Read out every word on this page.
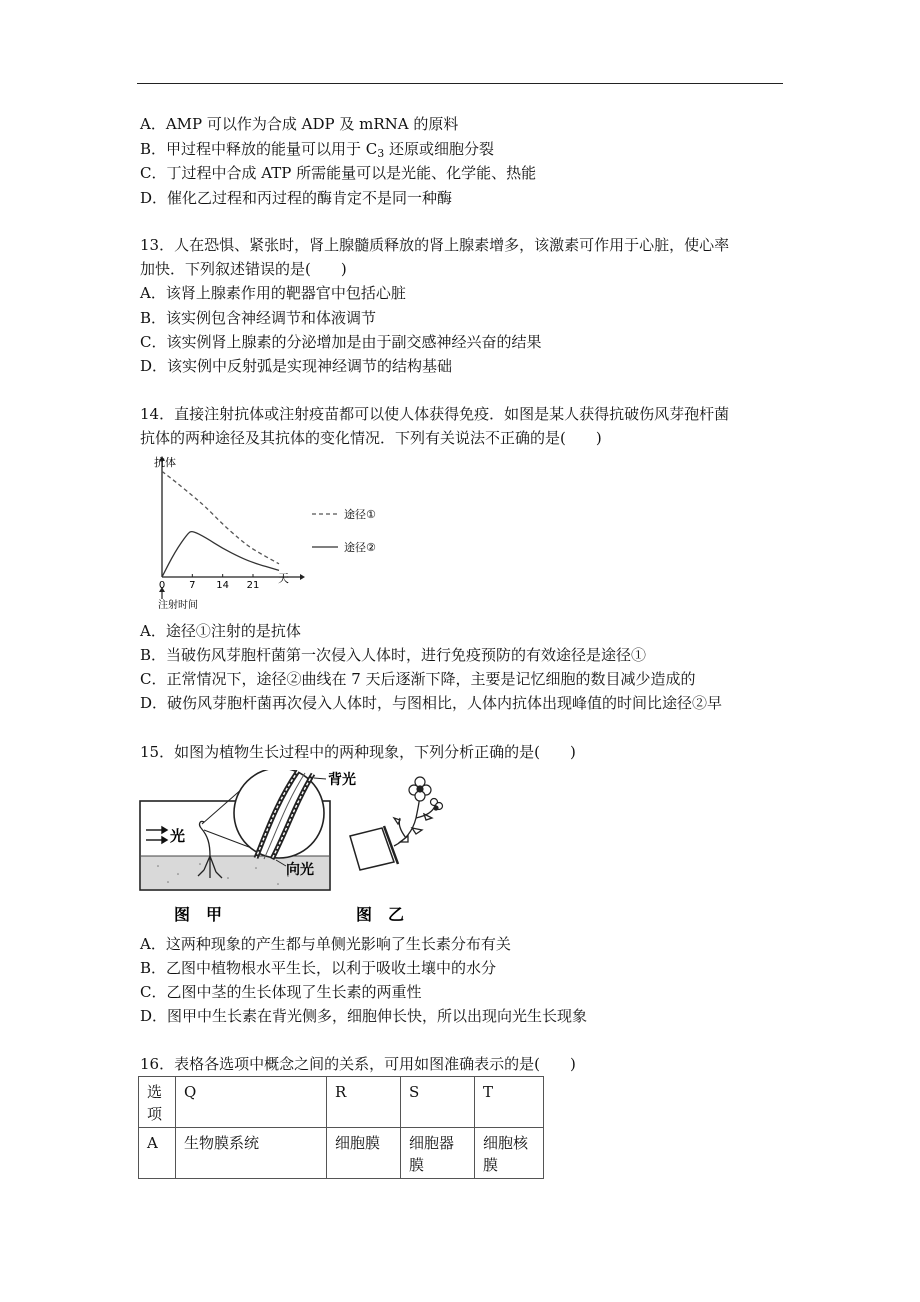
A．AMP 可以作为合成 ADP 及 mRNA 的原料
B．甲过程中释放的能量可以用于 $C_3$ 还原或细胞分裂
C．丁过程中合成 ATP 所需能量可以是光能、化学能、热能
D．催化乙过程和丙过程的酶肯定不是同一种酶
13．人在恐惧、紧张时，肾上腺髓质释放的肾上腺素增多，该激素可作用于心脏，使心率
加快．下列叙述错误的是(　　)
A．该肾上腺素作用的靶器官中包括心脏
B．该实例包含神经调节和体液调节
C．该实例肾上腺素的分泌增加是由于副交感神经兴奋的结果
D．该实例中反射弧是实现神经调节的结构基础
14．直接注射抗体或注射疫苗都可以使人体获得免疫．如图是某人获得抗破伤风芽孢杆菌
抗体的两种途径及其抗体的变化情况．下列有关说法不正确的是(　　)
0 7 14 21
抗体
天
注射时间
途径①
途径②
A．途径①注射的是抗体
B．当破伤风芽胞杆菌第一次侵入人体时，进行免疫预防的有效途径是途径①
C．正常情况下，途径②曲线在 7 天后逐渐下降，主要是记忆细胞的数目减少造成的
D．破伤风芽胞杆菌再次侵入人体时，与图相比，人体内抗体出现峰值的时间比途径②早
15．如图为植物生长过程中的两种现象，下列分析正确的是(　　)
光
背光
向光
图　甲	图　乙
A．这两种现象的产生都与单侧光影响了生长素分布有关
B．乙图中植物根水平生长，以利于吸收土壤中的水分
C．乙图中茎的生长体现了生长素的两重性
D．图甲中生长素在背光侧多，细胞伸长快，所以出现向光生长现象
16．表格各选项中概念之间的关系，可用如图准确表示的是(　　)
选项	Q	R	S	T
A	生物膜系统	细胞膜	细胞器膜	细胞核膜
